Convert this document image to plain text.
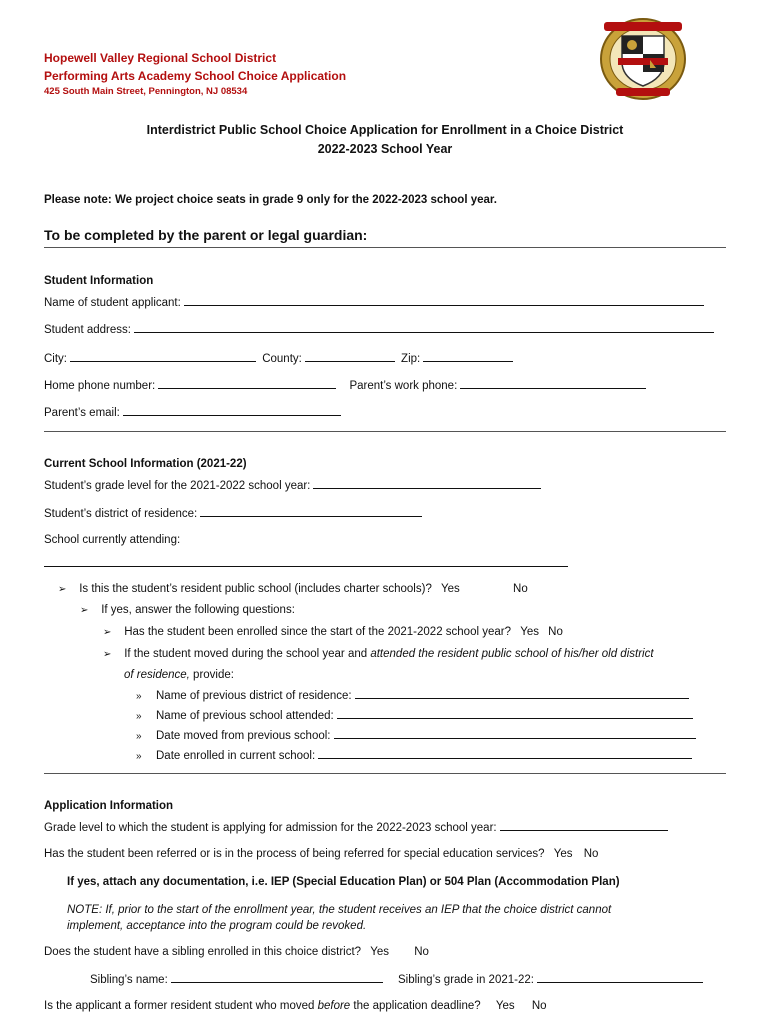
Hopewell Valley Regional School District
Performing Arts Academy School Choice Application
425 South Main Street, Pennington, NJ 08534
Interdistrict Public School Choice Application for Enrollment in a Choice District
2022-2023 School Year
Please note: We project choice seats in grade 9 only for the 2022-2023 school year.
To be completed by the parent or legal guardian:
Student Information
Name of student applicant:
Student address:
City:	County:	Zip:
Home phone number:	Parent’s work phone:
Parent’s email:
Current School Information (2021-22)
Student’s grade level for the 2021-2022 school year:
Student’s district of residence:
School currently attending:
➢ Is this the student’s resident public school (includes charter schools)? Yes	No
➢ If yes, answer the following questions:
➢ Has the student been enrolled since the start of the 2021-2022 school year? Yes No
➢ If the student moved during the school year and attended the resident public school of his/her old district
of residence, provide:
» Name of previous district of residence:
» Name of previous school attended:
» Date moved from previous school:
» Date enrolled in current school:
Application Information
Grade level to which the student is applying for admission for the 2022-2023 school year:
Has the student been referred or is in the process of being referred for special education services? Yes No
If yes, attach any documentation, i.e. IEP (Special Education Plan) or 504 Plan (Accommodation Plan)
NOTE: If, prior to the start of the enrollment year, the student receives an IEP that the choice district cannot
implement, acceptance into the program could be revoked.
Does the student have a sibling enrolled in this choice district? Yes No
Sibling’s name:	Sibling’s grade in 2021-22:
Is the applicant a former resident student who moved before the application deadline? Yes No
